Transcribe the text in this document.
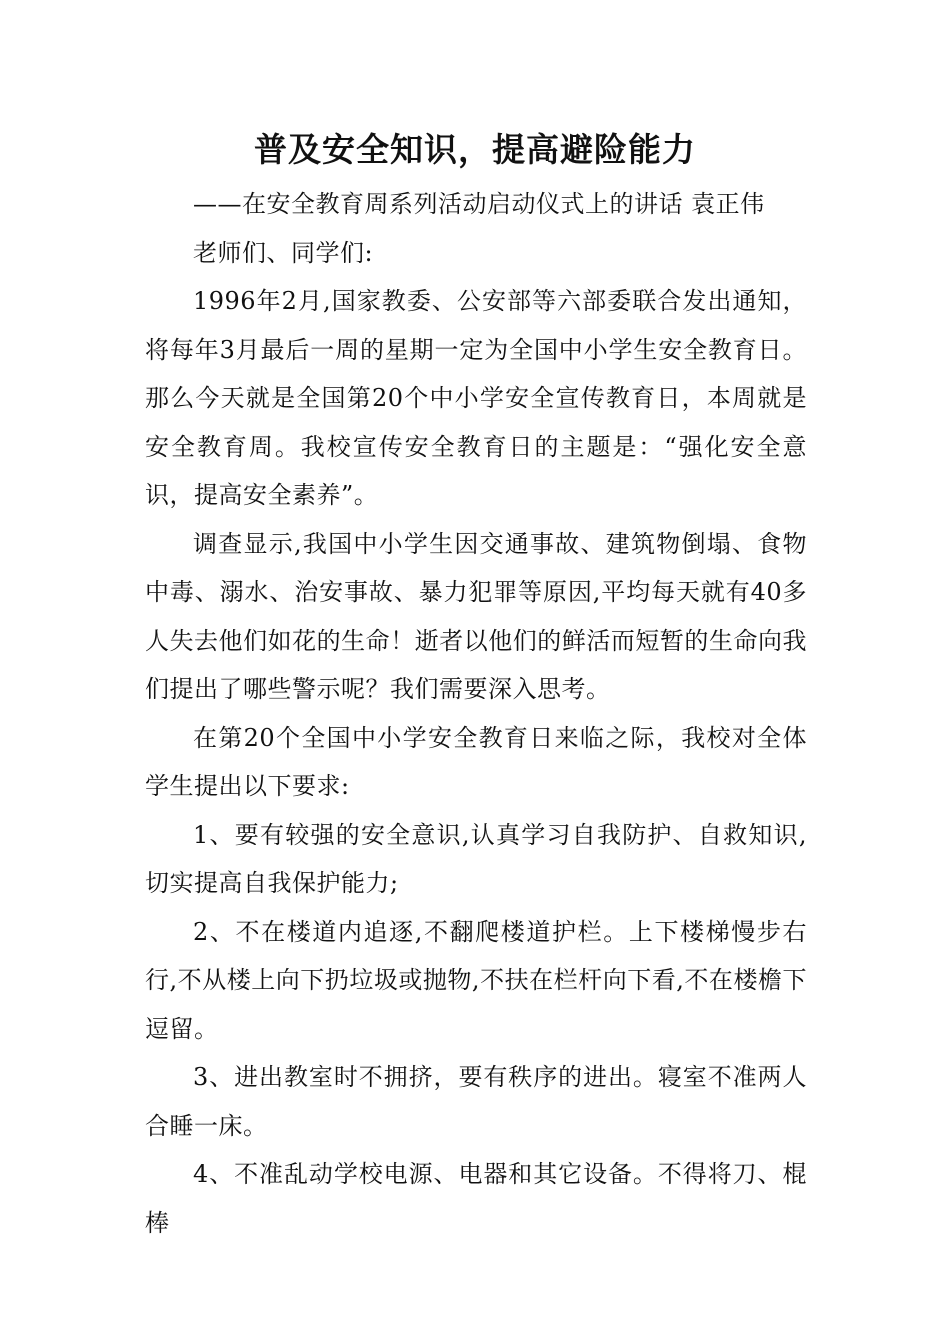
普及安全知识，提高避险能力

——在安全教育周系列活动启动仪式上的讲话 袁正伟

老师们、同学们:

1996年2月,国家教委、公安部等六部委联合发出通知，将每年3月最后一周的星期一定为全国中小学生安全教育日。那么今天就是全国第20个中小学安全宣传教育日，本周就是安全教育周。我校宣传安全教育日的主题是：“强化安全意识，提高安全素养”。

调查显示,我国中小学生因交通事故、建筑物倒塌、食物中毒、溺水、治安事故、暴力犯罪等原因,平均每天就有40多人失去他们如花的生命！逝者以他们的鲜活而短暂的生命向我们提出了哪些警示呢？我们需要深入思考。

在第20个全国中小学安全教育日来临之际，我校对全体学生提出以下要求:

1、要有较强的安全意识,认真学习自我防护、自救知识,切实提高自我保护能力;

2、不在楼道内追逐,不翻爬楼道护栏。上下楼梯慢步右行,不从楼上向下扔垃圾或抛物,不扶在栏杆向下看,不在楼檐下逗留。

3、进出教室时不拥挤，要有秩序的进出。寝室不准两人合睡一床。

4、不准乱动学校电源、电器和其它设备。不得将刀、棍棒
